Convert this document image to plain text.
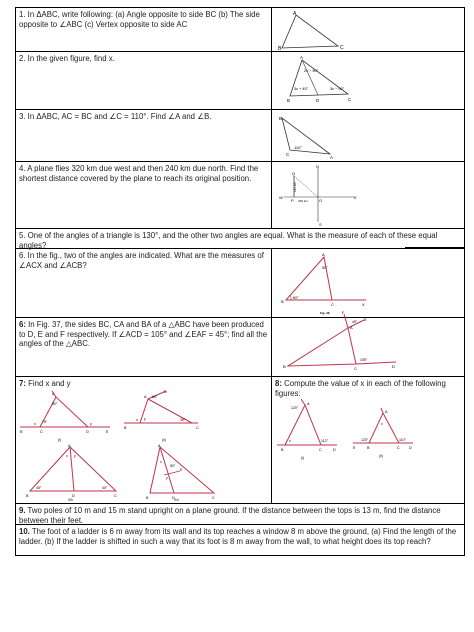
1. In ΔABC, write following: (a) Angle opposite to side BC (b) The side opposite to ∠ABC (c) Vertex opposite to side AC
A
B	C
2. In the given figure, find x.	A
2x − 90°
3x + 45°	3x − 90°
B	D	C
3. In ΔABC, AC = BC and ∠C = 110°. Find ∠A and ∠B.	B
C
A
110°
4. A plane flies 320 km due west and then 240 km due north. Find the shortest distance covered by the plane to reach its original position.
N
W	E
S
O
Q
P 320 km
240 km
5. One of the angles of a triangle is 130°, and the other two angles are equal. What is the measure of each of these equal angles?
6. In the fig., two of the angles are indicated. What are the measures of ∠ACX and ∠ACB?
A
B
C	X
50°
60°
Fig. 36
6: In Fig. 37, the sides BC, CA and BA of a △ABC have been produced to D, E and F respectively. If ∠ACD = 105° and ∠EAF = 45°; find all the angles of the △ABC.
F
E
A
B	C	D
45°
105°
7: Find x and y	8: Compute the value of x in each of the following figures:
A
B	C	D	E
80°
75°
x	y
(i)
A
D
B	C
60°
y
x	30°
(ii)
A
B	D	C
x y
45°	40°
(iii)
A
B	D	C
E
x
y
50°
(iv)
A
B	C	D
120°
112°
x
(i)
A
E	B	C D
120°	110°
x
(ii)
9. Two poles of 10 m and 15 m stand upright on a plane ground. If the distance between the tops is 13 m, find the distance between their feet.
10. The foot of a ladder is 6 m away from its wall and its top reaches a window 8 m above the ground, (a) Find the length of the ladder. (b) If the ladder is shifted in such a way that its foot is 8 m away from the wall, to what height does its top reach?
